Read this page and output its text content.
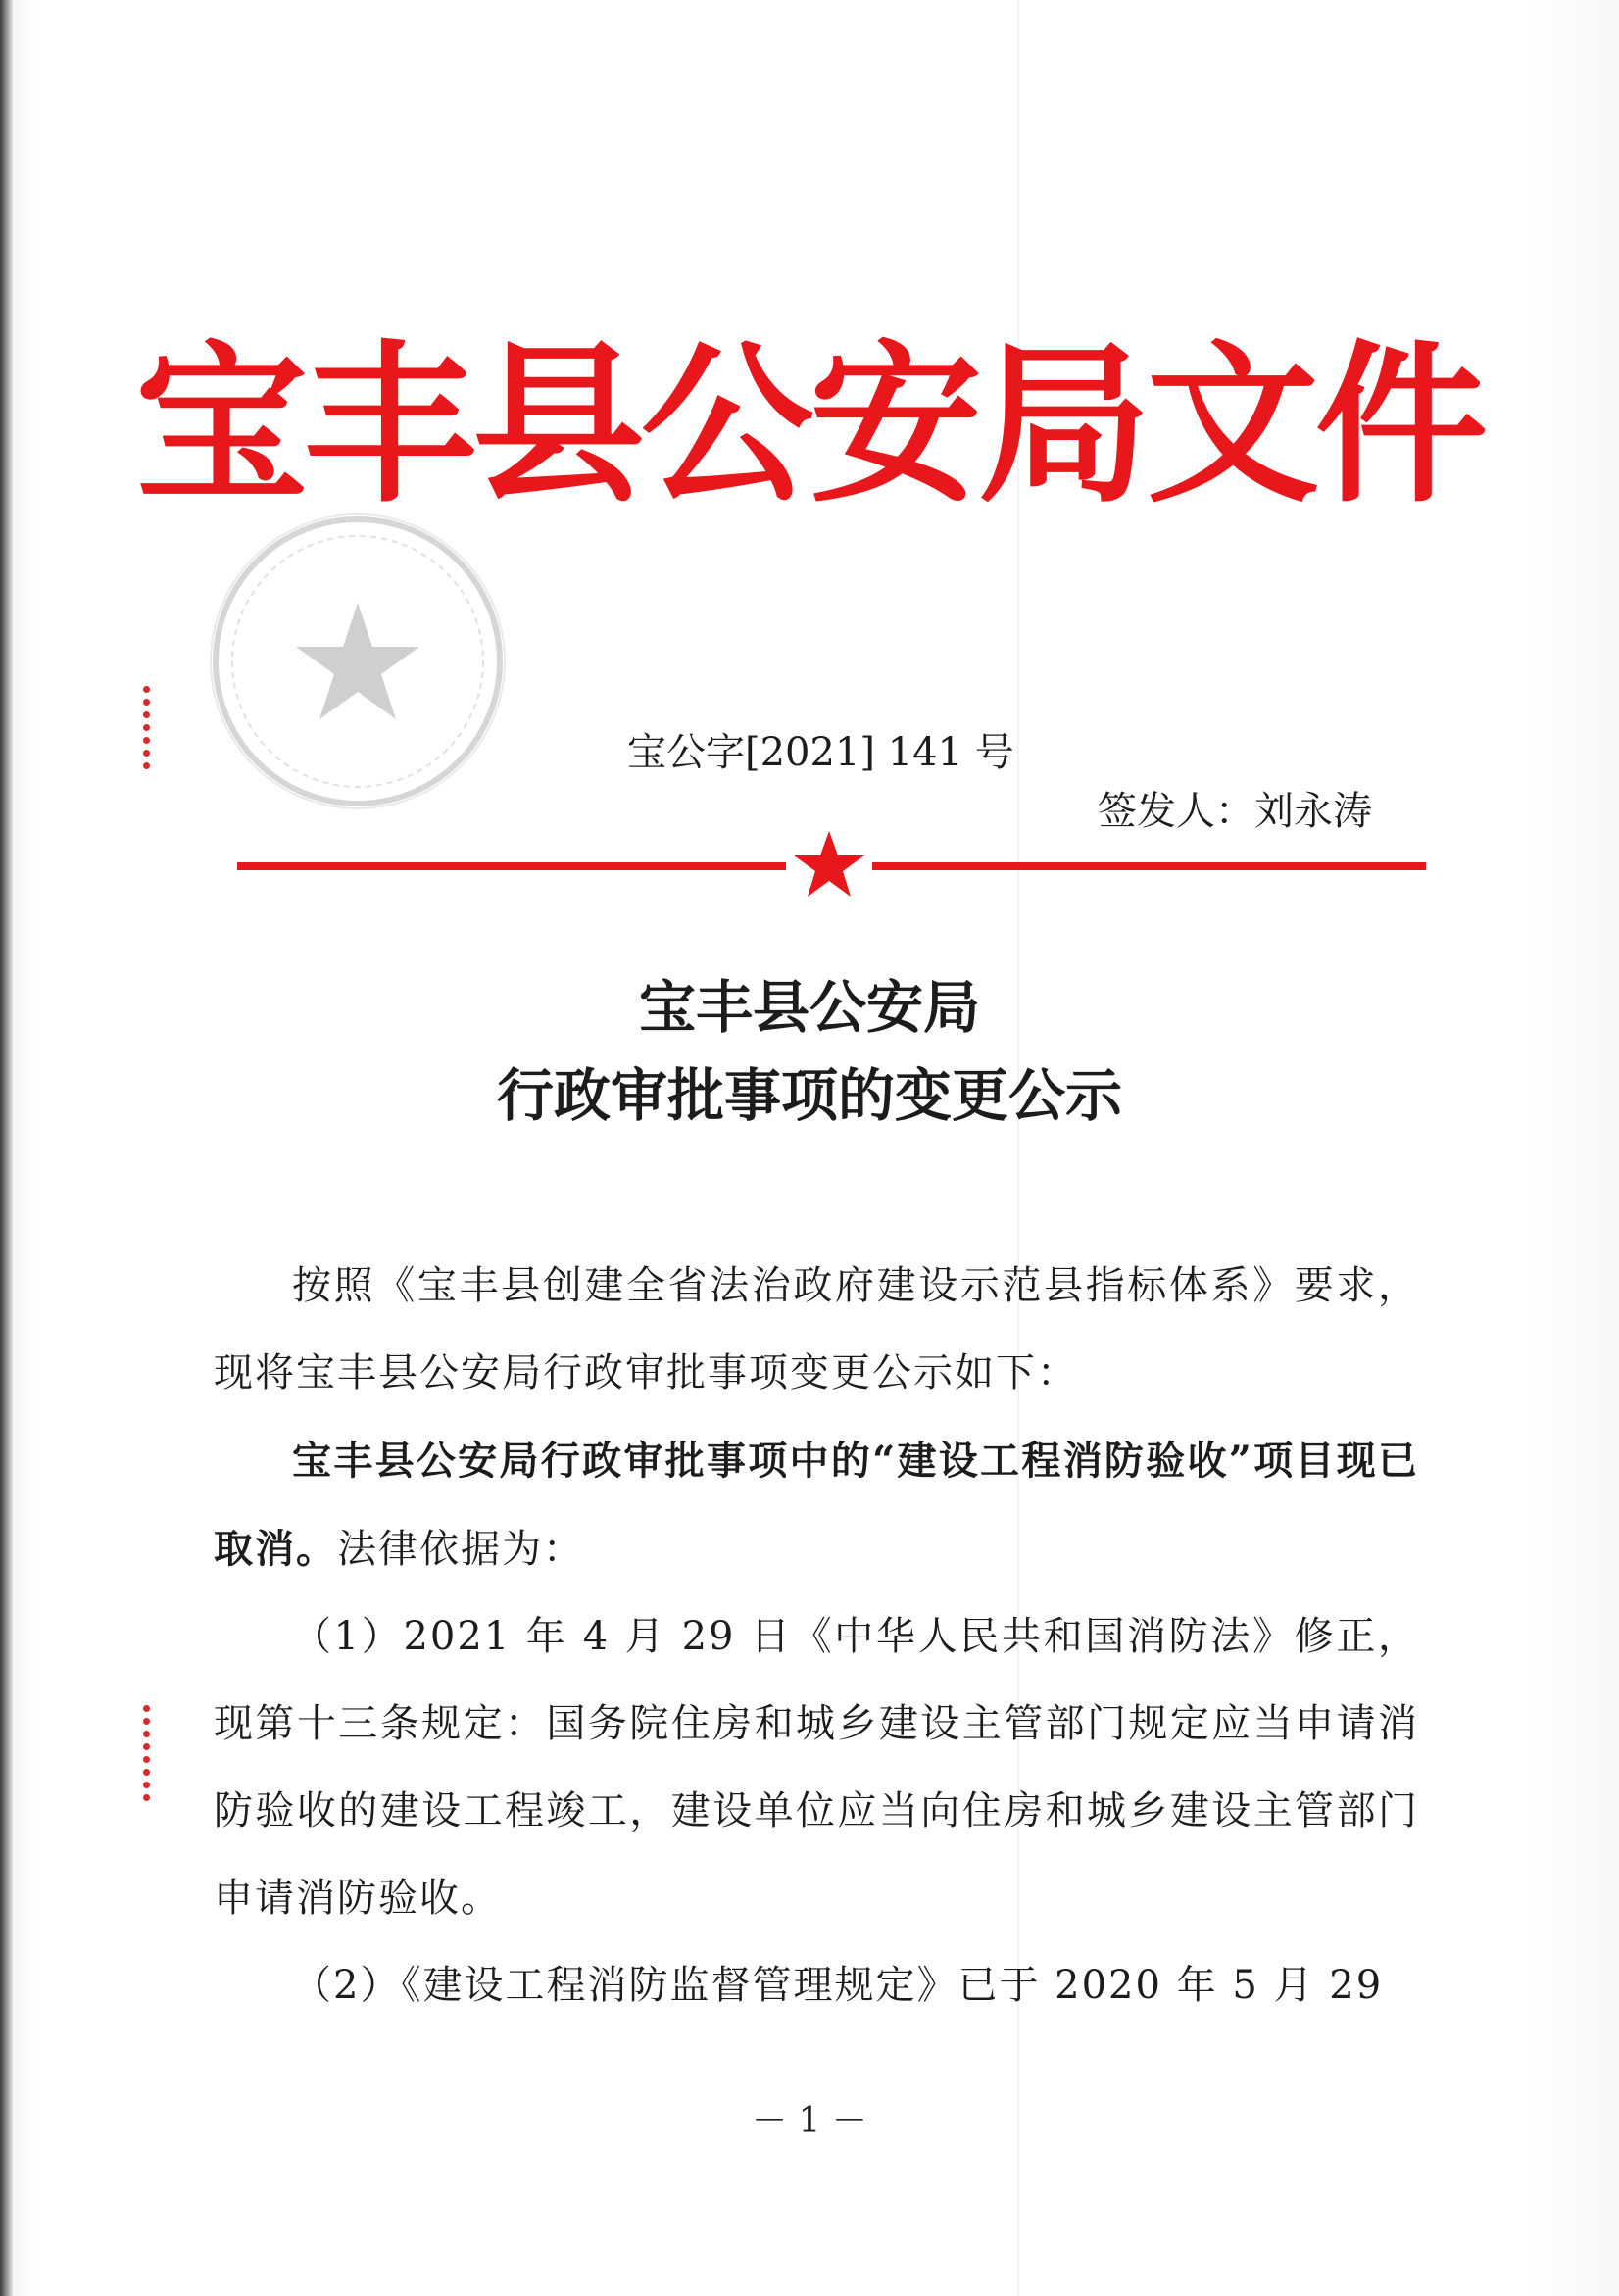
宝丰县公安局文件
宝公字[2021] 141 号
签发人：刘永涛
宝丰县公安局
行政审批事项的变更公示

按照《宝丰县创建全省法治政府建设示范县指标体系》要求，现将宝丰县公安局行政审批事项变更公示如下：

宝丰县公安局行政审批事项中的“建设工程消防验收”项目现已取消。法律依据为：

（1）2021 年 4 月 29 日《中华人民共和国消防法》修正，现第十三条规定：国务院住房和城乡建设主管部门规定应当申请消防验收的建设工程竣工，建设单位应当向住房和城乡建设主管部门申请消防验收。

（2）《建设工程消防监督管理规定》已于 2020 年 5 月 29

－ 1 －
